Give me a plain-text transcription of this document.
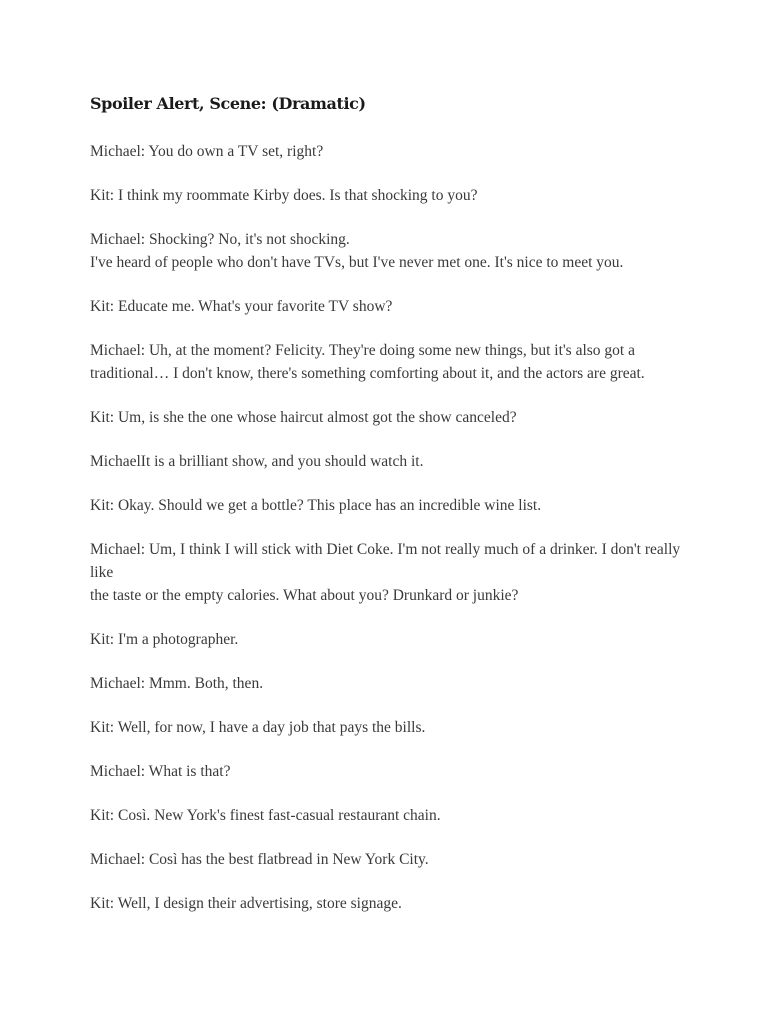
Spoiler Alert, Scene: (Dramatic)

Michael: You do own a TV set, right?

Kit: I think my roommate Kirby does. Is that shocking to you?

Michael: Shocking? No, it's not shocking.
I've heard of people who don't have TVs, but I've never met one. It's nice to meet you.

Kit: Educate me. What's your favorite TV show?

Michael: Uh, at the moment? Felicity. They're doing some new things, but it's also got a
traditional… I don't know, there's something comforting about it, and the actors are great.

Kit: Um, is she the one whose haircut almost got the show canceled?

MichaelIt is a brilliant show, and you should watch it.

Kit: Okay. Should we get a bottle? This place has an incredible wine list.

Michael: Um, I think I will stick with Diet Coke. I'm not really much of a drinker. I don't really like
the taste or the empty calories. What about you? Drunkard or junkie?

Kit: I'm a photographer.

Michael: Mmm. Both, then.

Kit: Well, for now, I have a day job that pays the bills.

Michael: What is that?

Kit: Così. New York's finest fast-casual restaurant chain.

Michael: Così has the best flatbread in New York City.

Kit: Well, I design their advertising, store signage.
